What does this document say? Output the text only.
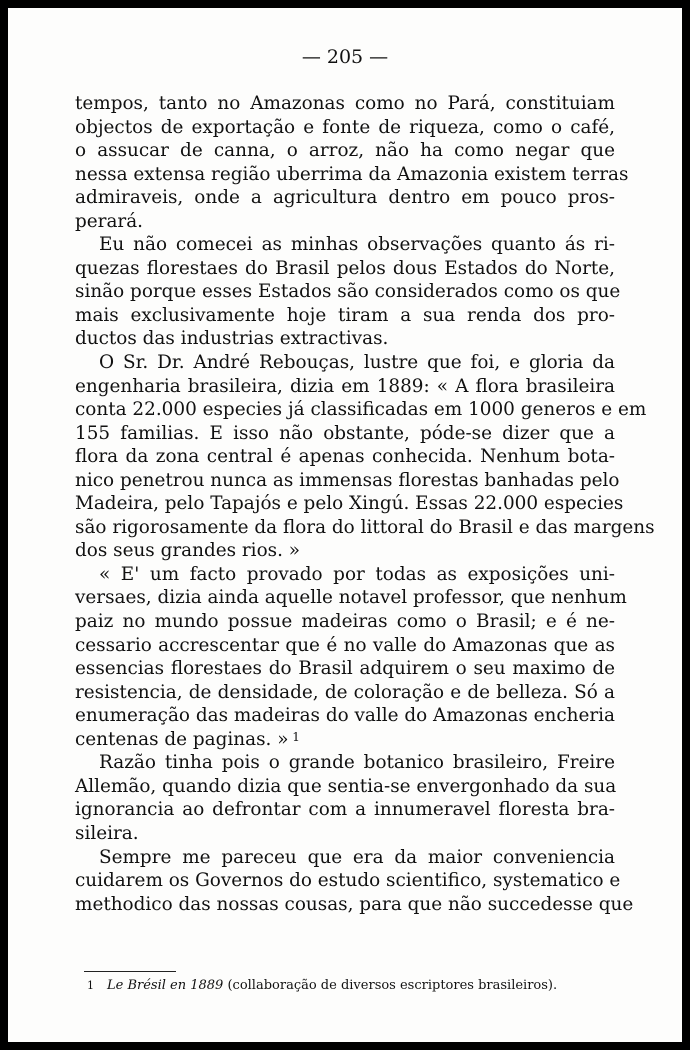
— 205 —
tempos, tanto no Amazonas como no Pará, constituiam
objectos de exportação e fonte de riqueza, como o café,
o assucar de canna, o arroz, não ha como negar que
nessa extensa região uberrima da Amazonia existem terras
admiraveis, onde a agricultura dentro em pouco pros-
perará.
Eu não comecei as minhas observações quanto ás ri-
quezas florestaes do Brasil pelos dous Estados do Norte,
sinão porque esses Estados são considerados como os que
mais exclusivamente hoje tiram a sua renda dos pro-
ductos das industrias extractivas.
O Sr. Dr. André Rebouças, lustre que foi, e gloria da
engenharia brasileira, dizia em 1889: « A flora brasileira
conta 22.000 especies já classificadas em 1000 generos e em
155 familias. E isso não obstante, póde-se dizer que a
flora da zona central é apenas conhecida. Nenhum bota-
nico penetrou nunca as immensas florestas banhadas pelo
Madeira, pelo Tapajós e pelo Xingú. Essas 22.000 especies
são rigorosamente da flora do littoral do Brasil e das margens
dos seus grandes rios. »
« E' um facto provado por todas as exposições uni-
versaes, dizia ainda aquelle notavel professor, que nenhum
paiz no mundo possue madeiras como o Brasil; e é ne-
cessario accrescentar que é no valle do Amazonas que as
essencias florestaes do Brasil adquirem o seu maximo de
resistencia, de densidade, de coloração e de belleza. Só a
enumeração das madeiras do valle do Amazonas encheria
centenas de paginas. » $^1$
Razão tinha pois o grande botanico brasileiro, Freire
Allemão, quando dizia que sentia-se envergonhado da sua
ignorancia ao defrontar com a innumeravel floresta bra-
sileira.
Sempre me pareceu que era da maior conveniencia
cuidarem os Governos do estudo scientifico, systematico e
methodico das nossas cousas, para que não succedesse que
1 Le Brésil en 1889 (collaboração de diversos escriptores brasileiros).
